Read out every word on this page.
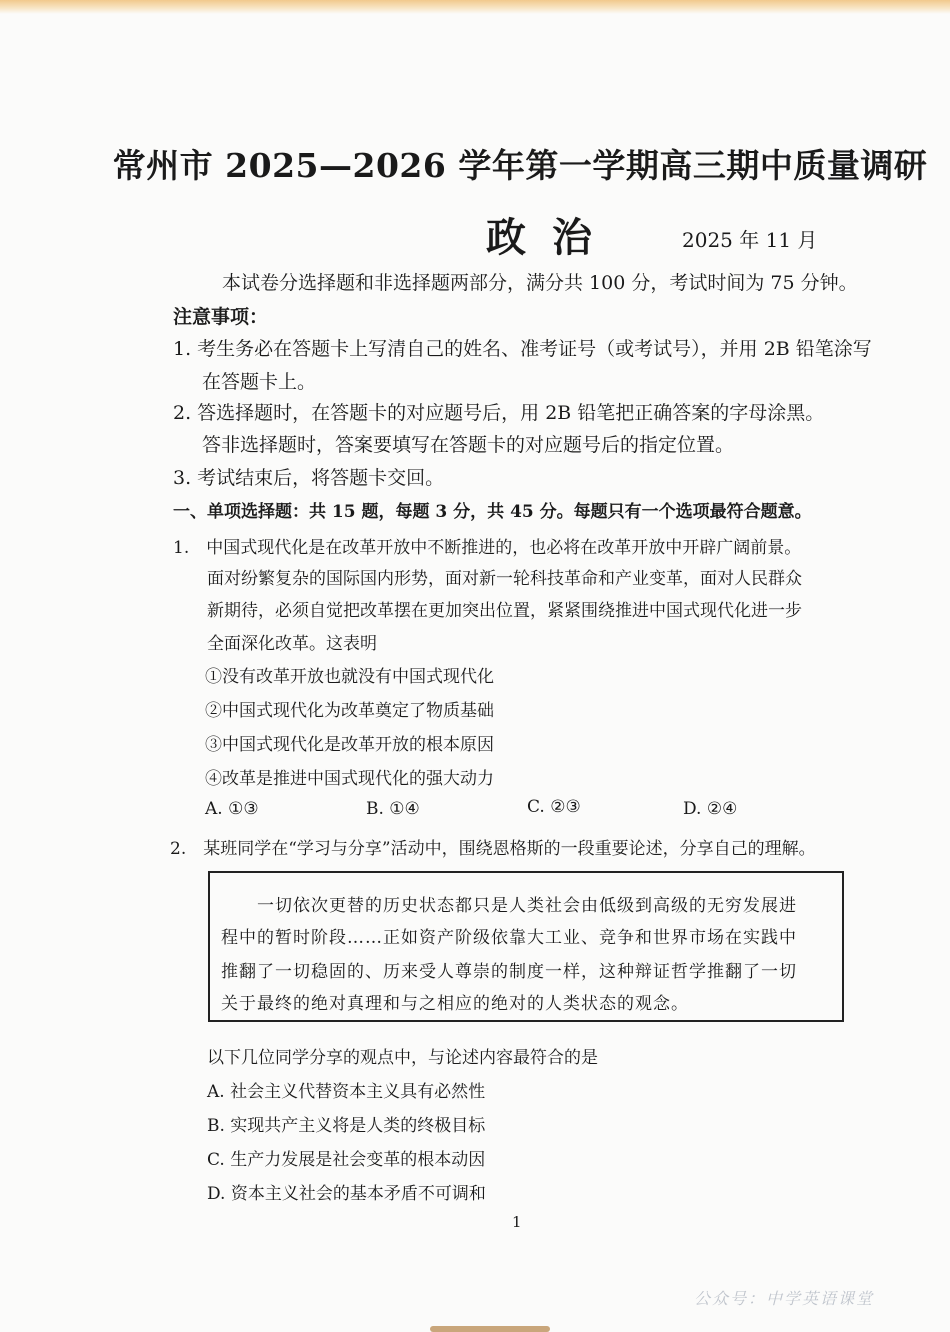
常州市 2025—2026 学年第一学期高三期中质量调研
政治	2025 年 11 月
本试卷分选择题和非选择题两部分，满分共 100 分，考试时间为 75 分钟。
注意事项：
1. 考生务必在答题卡上写清自己的姓名、准考证号（或考试号），并用 2B 铅笔涂写
在答题卡上。
2. 答选择题时，在答题卡的对应题号后，用 2B 铅笔把正确答案的字母涂黑。
答非选择题时，答案要填写在答题卡的对应题号后的指定位置。
3. 考试结束后，将答题卡交回。
一、单项选择题：共 15 题，每题 3 分，共 45 分。每题只有一个选项最符合题意。
1.　中国式现代化是在改革开放中不断推进的，也必将在改革开放中开辟广阔前景。
面对纷繁复杂的国际国内形势，面对新一轮科技革命和产业变革，面对人民群众
新期待，必须自觉把改革摆在更加突出位置，紧紧围绕推进中国式现代化进一步
全面深化改革。这表明
①没有改革开放也就没有中国式现代化
②中国式现代化为改革奠定了物质基础
③中国式现代化是改革开放的根本原因
④改革是推进中国式现代化的强大动力
A. ①③	B. ①④	C. ②③	D. ②④
2.　某班同学在“学习与分享”活动中，围绕恩格斯的一段重要论述，分享自己的理解。
一切依次更替的历史状态都只是人类社会由低级到高级的无穷发展进
程中的暂时阶段……正如资产阶级依靠大工业、竞争和世界市场在实践中
推翻了一切稳固的、历来受人尊崇的制度一样，这种辩证哲学推翻了一切
关于最终的绝对真理和与之相应的绝对的人类状态的观念。
以下几位同学分享的观点中，与论述内容最符合的是
A. 社会主义代替资本主义具有必然性
B. 实现共产主义将是人类的终极目标
C. 生产力发展是社会变革的根本动因
D. 资本主义社会的基本矛盾不可调和
1
公众号：中学英语课堂
